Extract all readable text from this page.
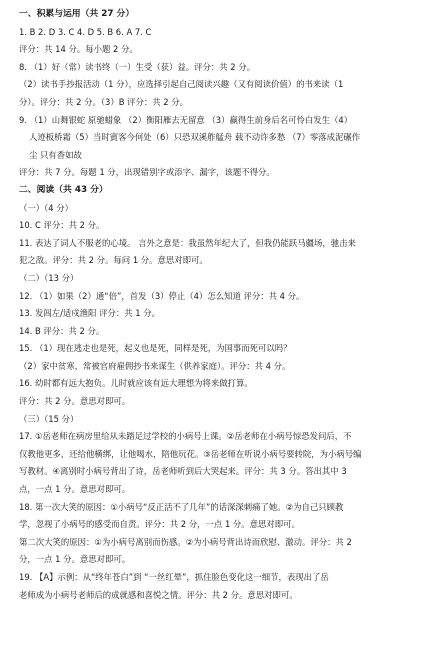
一、积累与运用（共 27 分）
1. B 2. D 3. C 4. D 5. B 6. A 7. C
评分：共 14 分。每小题 2 分。
8. （1）好（常）读书终（一）生受（获）益。评分：共 2 分。
（2）读书手抄报活动（1 分），应选择引起自己阅读兴趣（又有阅读价值）的书来读（1
分）。评分：共 2 分。（3）B 评分：共 2 分。
9. （1）山舞银蛇 原驰蜡象 （2）衡阳雁去无留意 （3）赢得生前身后名可怜白发生（4）
人迹板桥霜（5）当时賓客今何处（6）只恐双溪舴艋舟 载不动许多愁 （7）零落成泥碾作
尘 只有香如故
评分：共 7 分。每题 1 分，出现错别字或添字、漏字，该题不得分。
二、阅读（共 43 分）
（一）（4 分）
10. C 评分：共 2 分。
11. 表达了词人不服老的心境。 言外之意是：我虽然年纪大了，但我仍能跃马疆场，驰击来
犯之敌。评分：共 2 分。每问 1 分。意思对即可。
（二）（13 分）
12. （1）如果（2）通“倍”，首发（3）停止（4）怎么知道 评分：共 4 分。
13. 发闾左/适戍渔阳 评分：共 1 分。
14. B 评分：共 2 分。
15. （1）现在逃走也是死，起义也是死，同样是死，为国事而死可以吗？
（2）家中贫寒，常被官府雇佣抄书来谋生（供养家庭）。评分：共 4 分。
16. 幼时都有远大抱负。儿时就应该有远大理想为将来做打算。
评分：共 2 分。意思对即可。
（三）（15 分）
17. ①岳老师在病房里给从未踏足过学校的小病号上课。②岳老师在小病号惊恐发问后，不
仅教他更多，还给他横绑，让他喝水，陪他玩花。③岳老师在听说小病号要转院，为小病号编
写教材。④离别时小病号背出了诗，岳老师听到后大哭起来。评分：共 3 分。答出其中 3
点，一点 1 分。意思对即可。
18. 第一次大笑的原因：①小病号“反正活不了几年”的话深深刺痛了她。②为自己只顾教
学，忽视了小病号的感受而自责。评分：共 2 分，一点 1 分。意思对即可。
第二次大笑的原因：①为小病号离别而伤感。②为小病号背出诗而欣慰、激动。评分：共 2
分，一点 1 分。意思对即可。
19. 【A】示例：从“终年苍白”到 “一丝红晕”，抓住脸色变化这一细节，表现出了岳
老师成为小病号老师后的成就感和喜悦之情。评分：共 2 分。意思对即可。
